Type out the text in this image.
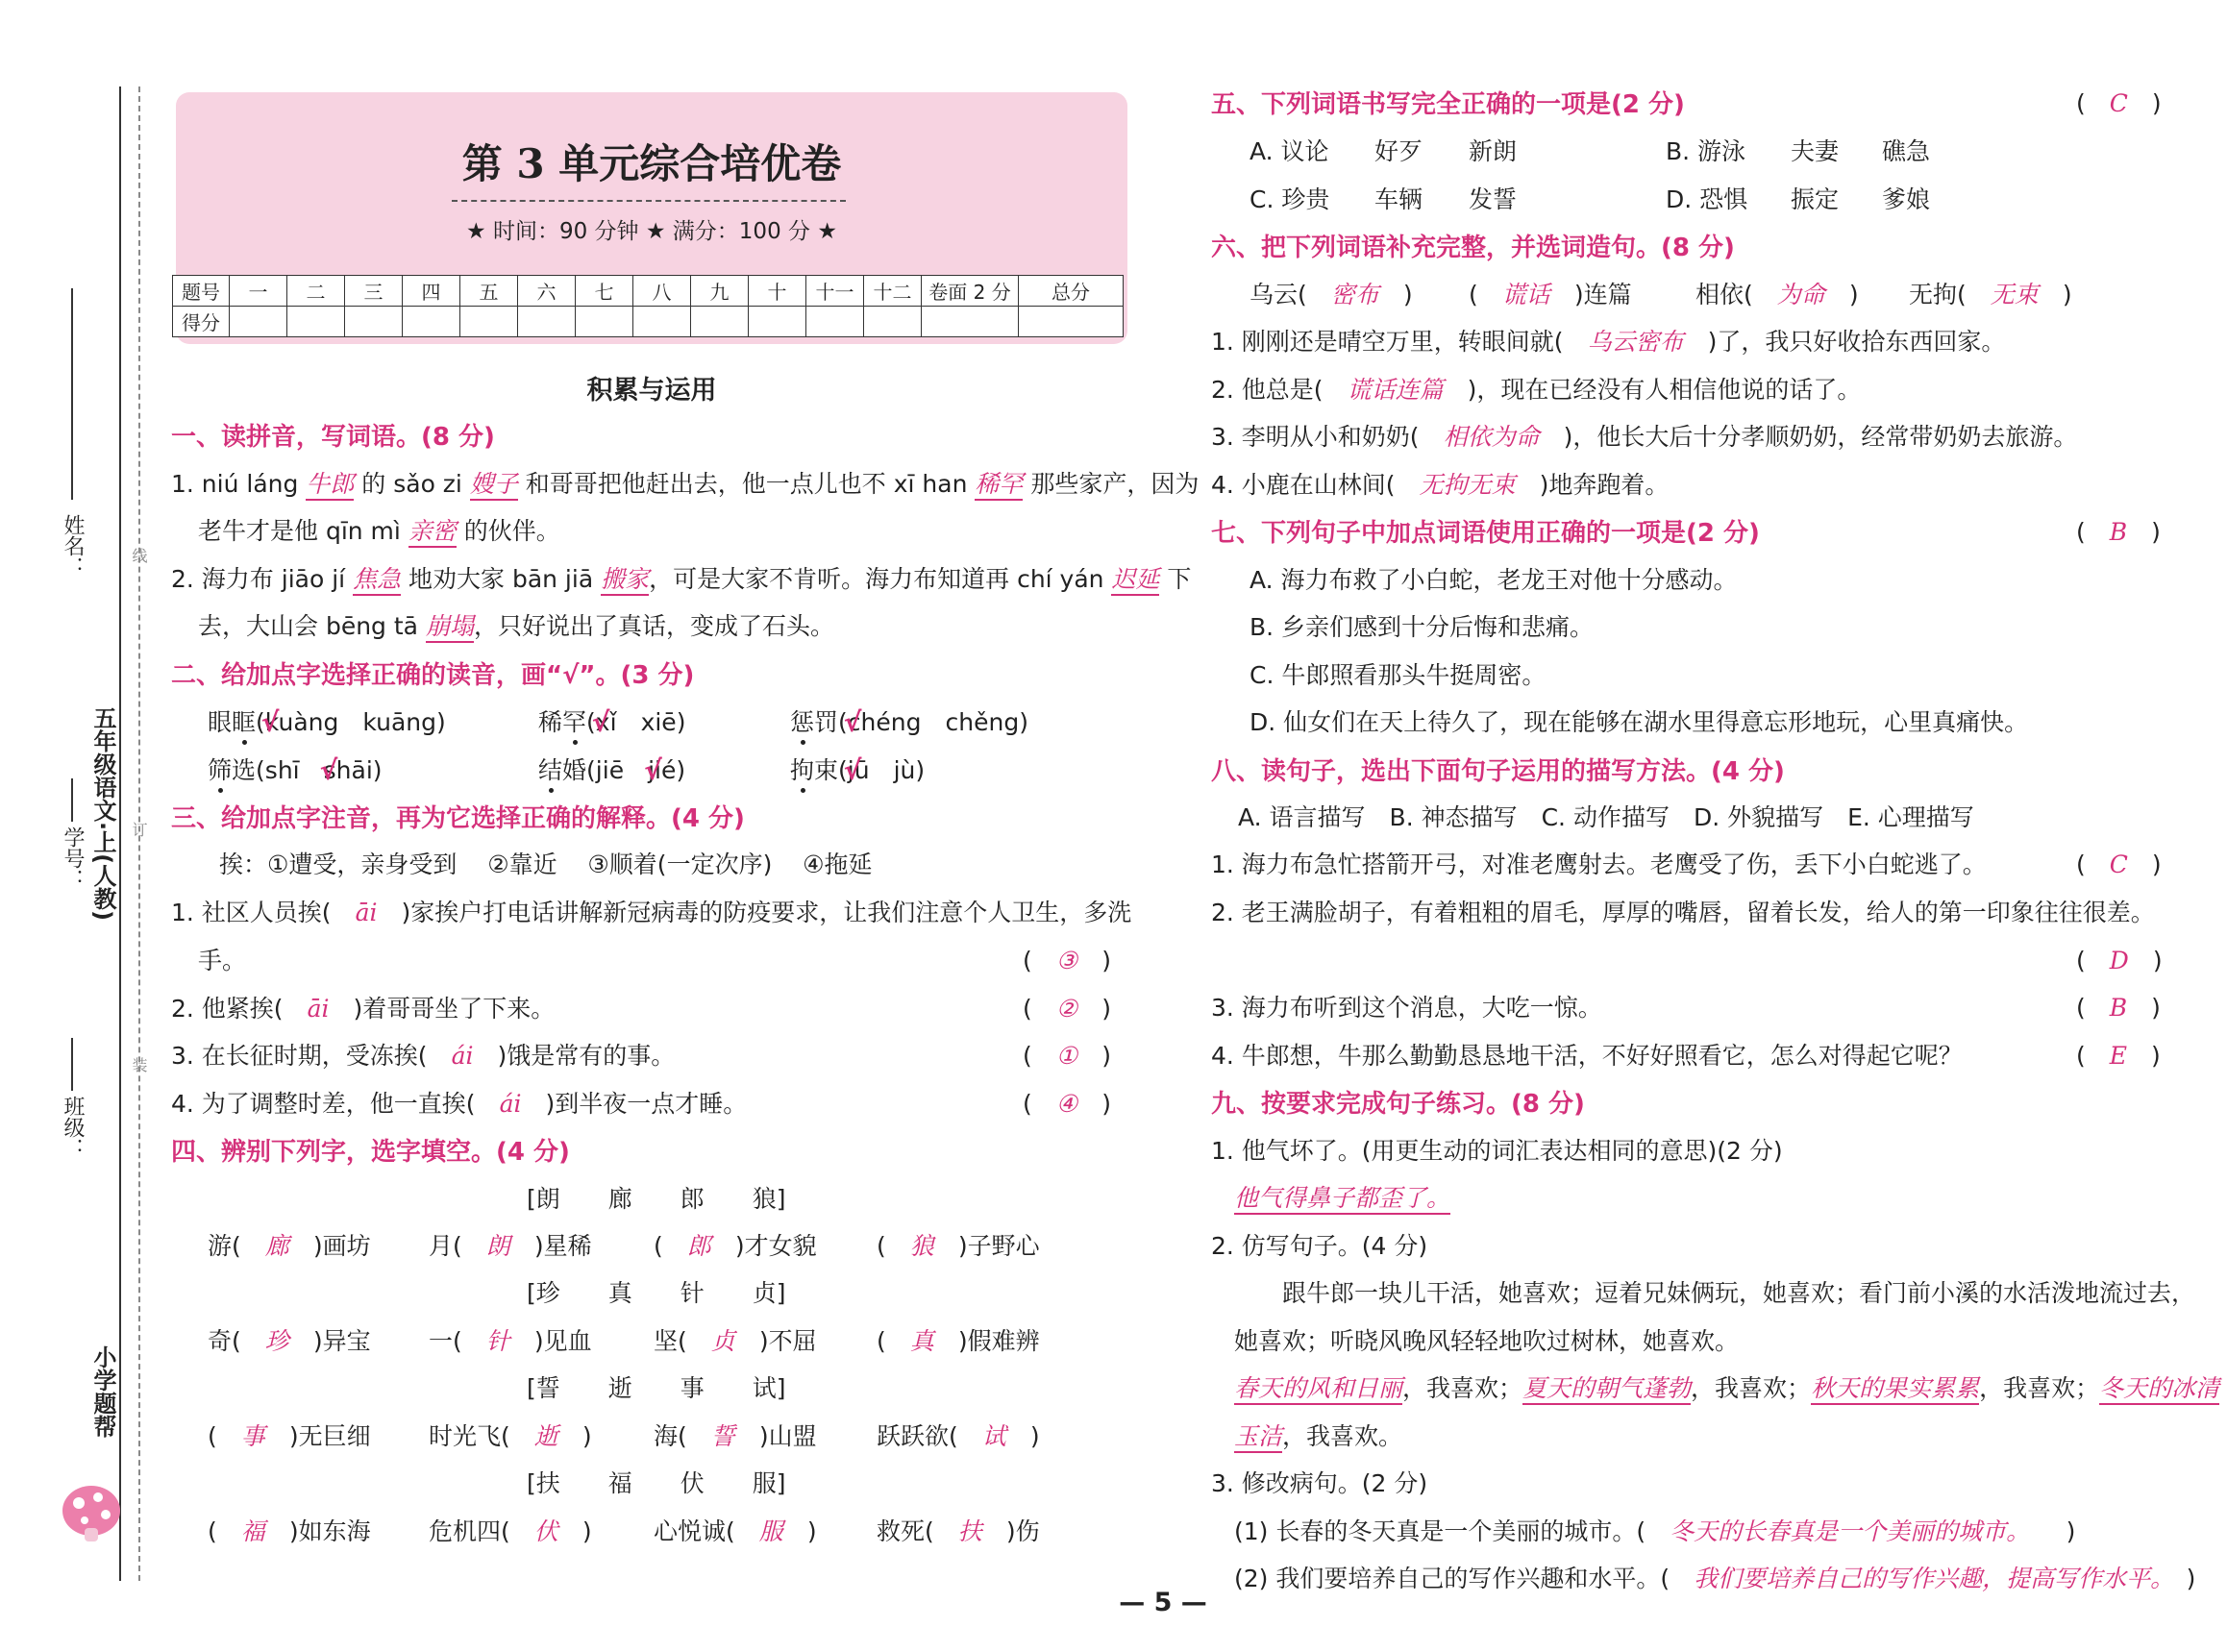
姓名：
学号：
班级：
五年级语文·上(人教)
线
订
装
小学题帮
第 3 单元综合培优卷
★ 时间：90 分钟 ★ 满分：100 分 ★
题号	一	二	三	四	五	六	七	八	九	十	十一	十二	卷面 2 分	总分
得分														
积累与运用
一、读拼音，写词语。(8 分)
1. niú láng 牛郎 的 sǎo zi 嫂子 和哥哥把他赶出去，他一点儿也不 xī han 稀罕 那些家产，因为
老牛才是他 qīn mì 亲密 的伙伴。
2. 海力布 jiāo jí 焦急 地劝大家 bān jiā 搬家，可是大家不肯听。海力布知道再 chí yán 迟延 下
去，大山会 bēng tā 崩塌，只好说出了真话，变成了石头。
二、给加点字选择正确的读音，画“√”。(3 分)
眼眶(√ kuàng　 kuāng)	稀罕(√ xǐ　 xiē)	惩罚(√ chéng　 chěng)
筛选(shī　 √ shāi)	结婚(jiē　 √ jié)	拘束(√ jū　 jù)
三、给加点字注音，再为它选择正确的解释。(4 分)
挨：①遭受，亲身受到    ②靠近    ③顺着(一定次序)    ④拖延
1. 社区人员挨(　 āi　 )家挨户打电话讲解新冠病毒的防疫要求，让我们注意个人卫生，多洗
手。	(　③　)
2. 他紧挨(　 āi　 )着哥哥坐了下来。	(　②　)
3. 在长征时期，受冻挨(　 ái　 )饿是常有的事。	(　①　)
4. 为了调整时差，他一直挨(　 ái　 )到半夜一点才睡。	(　④　)
四、辨别下列字，选字填空。(4 分)
[朗　　廊　　郎　　狼]
游(　 廊　 )画坊 月(　 朗　 )星稀	(　 郎　 )才女貌 (　 狼　 )子野心
[珍　　真　　针　　贞]
奇(　 珍　 )异宝 一(　 针　 )见血	坚(　 贞　 )不屈 (　 真　 )假难辨
[誓　　逝　　事　　试]
(　 事　 )无巨细 时光飞(　 逝　 )	海(　 誓　 )山盟 跃跃欲(　 试　 )
[扶　　福　　伏　　服]
(　 福　 )如东海 危机四(　 伏　 )	心悦诚(　 服　 ) 救死(　 扶　 )伤
五、下列词语书写完全正确的一项是(2 分)	(　C　)
A. 议论 好歹 新朗	B. 游泳 夫妻 礁急
C. 珍贵 车辆 发誓	D. 恐惧 振定 爹娘
六、把下列词语补充完整，并选词造句。(8 分)
乌云(　 密布　 ) (　 谎话　 )连篇	相依(　 为命　 ) 无拘(　 无束　 )
1. 刚刚还是晴空万里，转眼间就(　 乌云密布　 )了，我只好收拾东西回家。
2. 他总是(　 谎话连篇　 )，现在已经没有人相信他说的话了。
3. 李明从小和奶奶(　 相依为命　 )，他长大后十分孝顺奶奶，经常带奶奶去旅游。
4. 小鹿在山林间(　 无拘无束　 )地奔跑着。
七、下列句子中加点词语使用正确的一项是(2 分)	(　B　)
A. 海力布救了小白蛇，老龙王对他十分感动。
B. 乡亲们感到十分后悔和悲痛。
C. 牛郎照看那头牛挺周密。
D. 仙女们在天上待久了，现在能够在湖水里得意忘形地玩，心里真痛快。
八、读句子，选出下面句子运用的描写方法。(4 分)
A. 语言描写　B. 神态描写　C. 动作描写　D. 外貌描写　E. 心理描写
1. 海力布急忙搭箭开弓，对准老鹰射去。老鹰受了伤，丢下小白蛇逃了。	(　C　)
2. 老王满脸胡子，有着粗粗的眉毛，厚厚的嘴唇，留着长发，给人的第一印象往往很差。
(　D　)
3. 海力布听到这个消息，大吃一惊。	(　B　)
4. 牛郎想，牛那么勤勤恳恳地干活，不好好照看它，怎么对得起它呢？	(　E　)
九、按要求完成句子练习。(8 分)
1. 他气坏了。(用更生动的词汇表达相同的意思)(2 分)
他气得鼻子都歪了。
2. 仿写句子。(4 分)
跟牛郎一块儿干活，她喜欢；逗着兄妹俩玩，她喜欢；看门前小溪的水活泼地流过去，
她喜欢；听晓风晚风轻轻地吹过树林，她喜欢。
春天的风和日丽，我喜欢；夏天的朝气蓬勃，我喜欢；秋天的果实累累，我喜欢；冬天的冰清
玉洁，我喜欢。
3. 修改病句。(2 分)
(1) 长春的冬天真是一个美丽的城市。(　 冬天的长春真是一个美丽的城市。　　 )
(2) 我们要培养自己的写作兴趣和水平。(　 我们要培养自己的写作兴趣，提高写作水平。　 )
— 5 —
